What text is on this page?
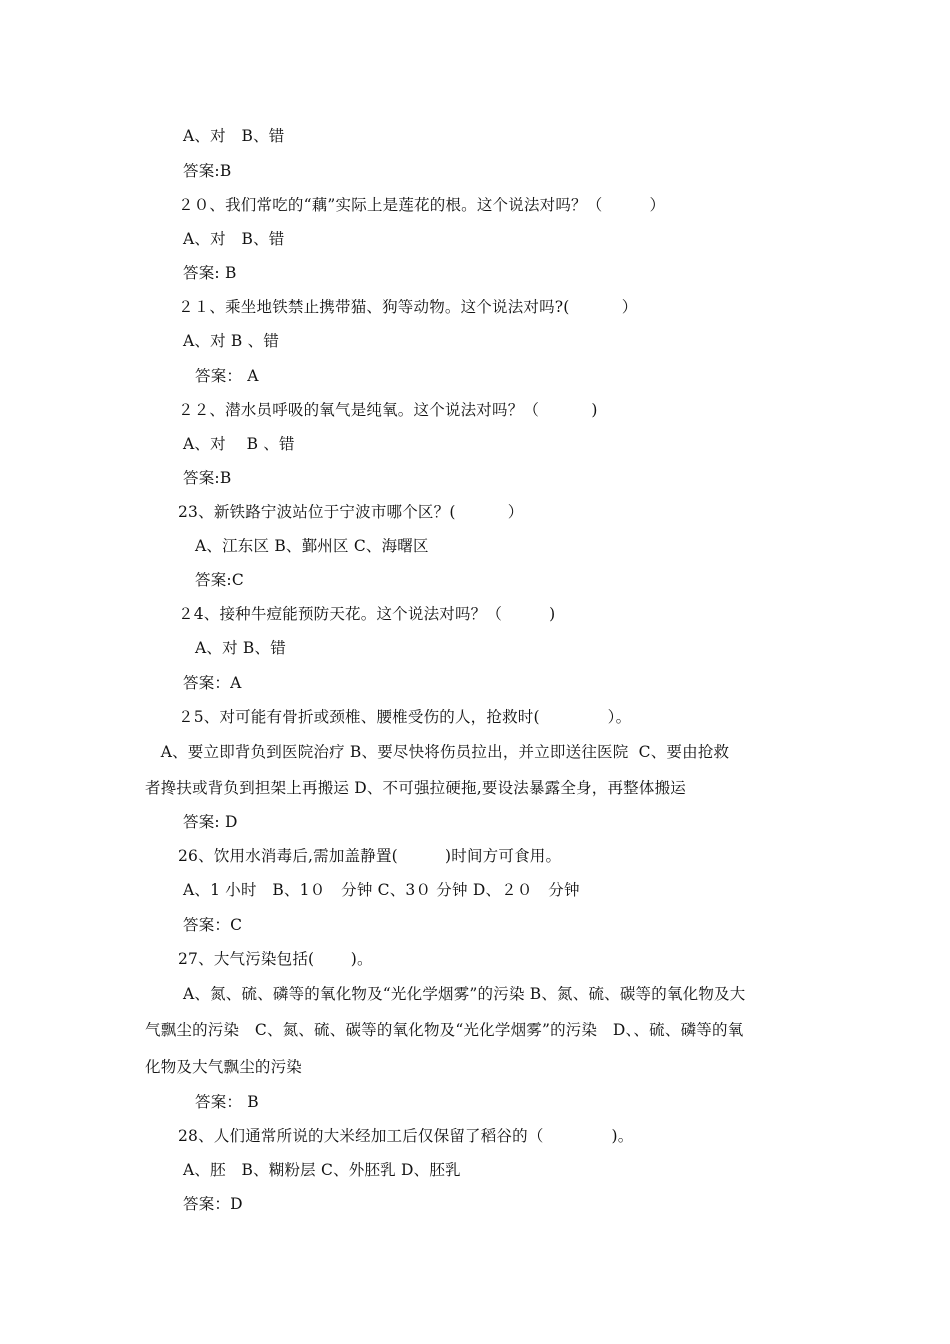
A、对　B、错
答案:B
２０、我们常吃的“藕”实际上是莲花的根。这个说法对吗？（　　　）
A、对　B、错
答案: B
２１、乘坐地铁禁止携带猫、狗等动物。这个说法对吗?(　　　 ）
A、对 B 、错
答案： A
２２、潜水员呼吸的氧气是纯氧。这个说法对吗？（　　　 )
A、对　 B 、错
答案:B
23、新铁路宁波站位于宁波市哪个区？(　　　 ）
A、江东区 B、鄞州区 C、海曙区
答案:C
２4、接种牛痘能预防天花。这个说法对吗？（　　　)
A、对 B、错
答案：A
２5、对可能有骨折或颈椎、腰椎受伤的人，抢救时(　　　　 ）。
　A、要立即背负到医院治疗 B、要尽快将伤员拉出，并立即送往医院  C、要由抢救
者搀扶或背负到担架上再搬运 D、不可强拉硬拖,要设法暴露全身，再整体搬运
答案: D
26、饮用水消毒后,需加盖静置(　　　)时间方可食用。
A、1 小时　B、1０　分钟 C、3０ 分钟 D、２０　分钟
答案：C
27、大气污染包括(　　 )。
A、氮、硫、磷等的氧化物及“光化学烟雾”的污染 B、氮、硫、碳等的氧化物及大
气飘尘的污染　C、氮、硫、碳等的氧化物及“光化学烟雾”的污染　D、、硫、磷等的氧
化物及大气飘尘的污染
答案： B
28、人们通常所说的大米经加工后仅保留了稻谷的（　　　　 )。
A、胚　B、糊粉层 C、外胚乳 D、胚乳
答案：D
